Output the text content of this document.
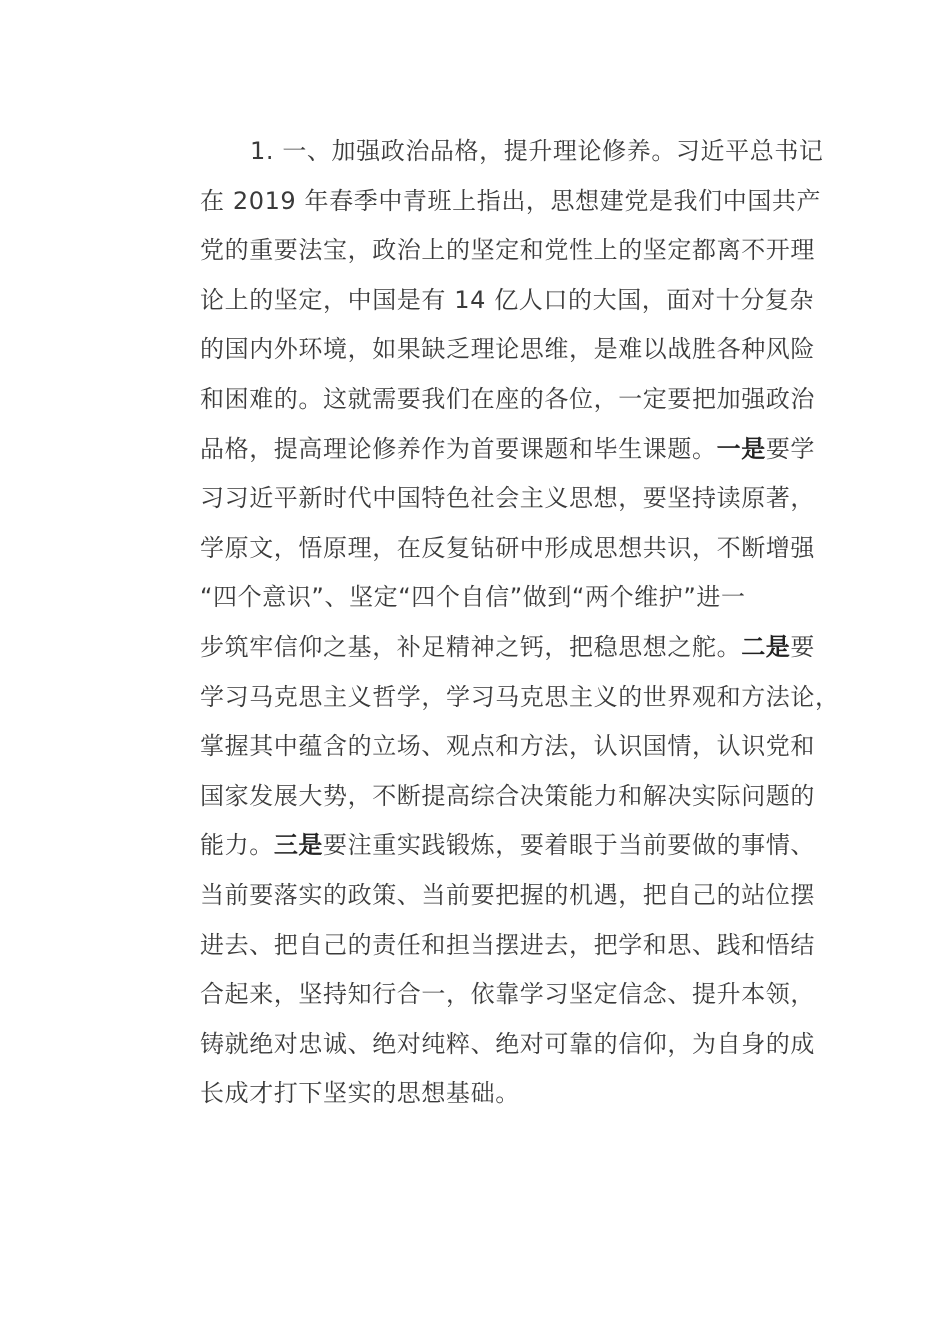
1. 一、加强政治品格，提升理论修养。习近平总书记
在 2019 年春季中青班上指出，思想建党是我们中国共产
党的重要法宝，政治上的坚定和党性上的坚定都离不开理
论上的坚定，中国是有 14 亿人口的大国，面对十分复杂
的国内外环境，如果缺乏理论思维，是难以战胜各种风险
和困难的。这就需要我们在座的各位，一定要把加强政治
品格，提高理论修养作为首要课题和毕生课题。一是要学
习习近平新时代中国特色社会主义思想，要坚持读原著，
学原文，悟原理，在反复钻研中形成思想共识，不断增强
“四个意识”、坚定“四个自信”做到“两个维护”进一
步筑牢信仰之基，补足精神之钙，把稳思想之舵。二是要
学习马克思主义哲学，学习马克思主义的世界观和方法论，
掌握其中蕴含的立场、观点和方法，认识国情，认识党和
国家发展大势，不断提高综合决策能力和解决实际问题的
能力。三是要注重实践锻炼，要着眼于当前要做的事情、
当前要落实的政策、当前要把握的机遇，把自己的站位摆
进去、把自己的责任和担当摆进去，把学和思、践和悟结
合起来，坚持知行合一，依靠学习坚定信念、提升本领，
铸就绝对忠诚、绝对纯粹、绝对可靠的信仰，为自身的成
长成才打下坚实的思想基础。
